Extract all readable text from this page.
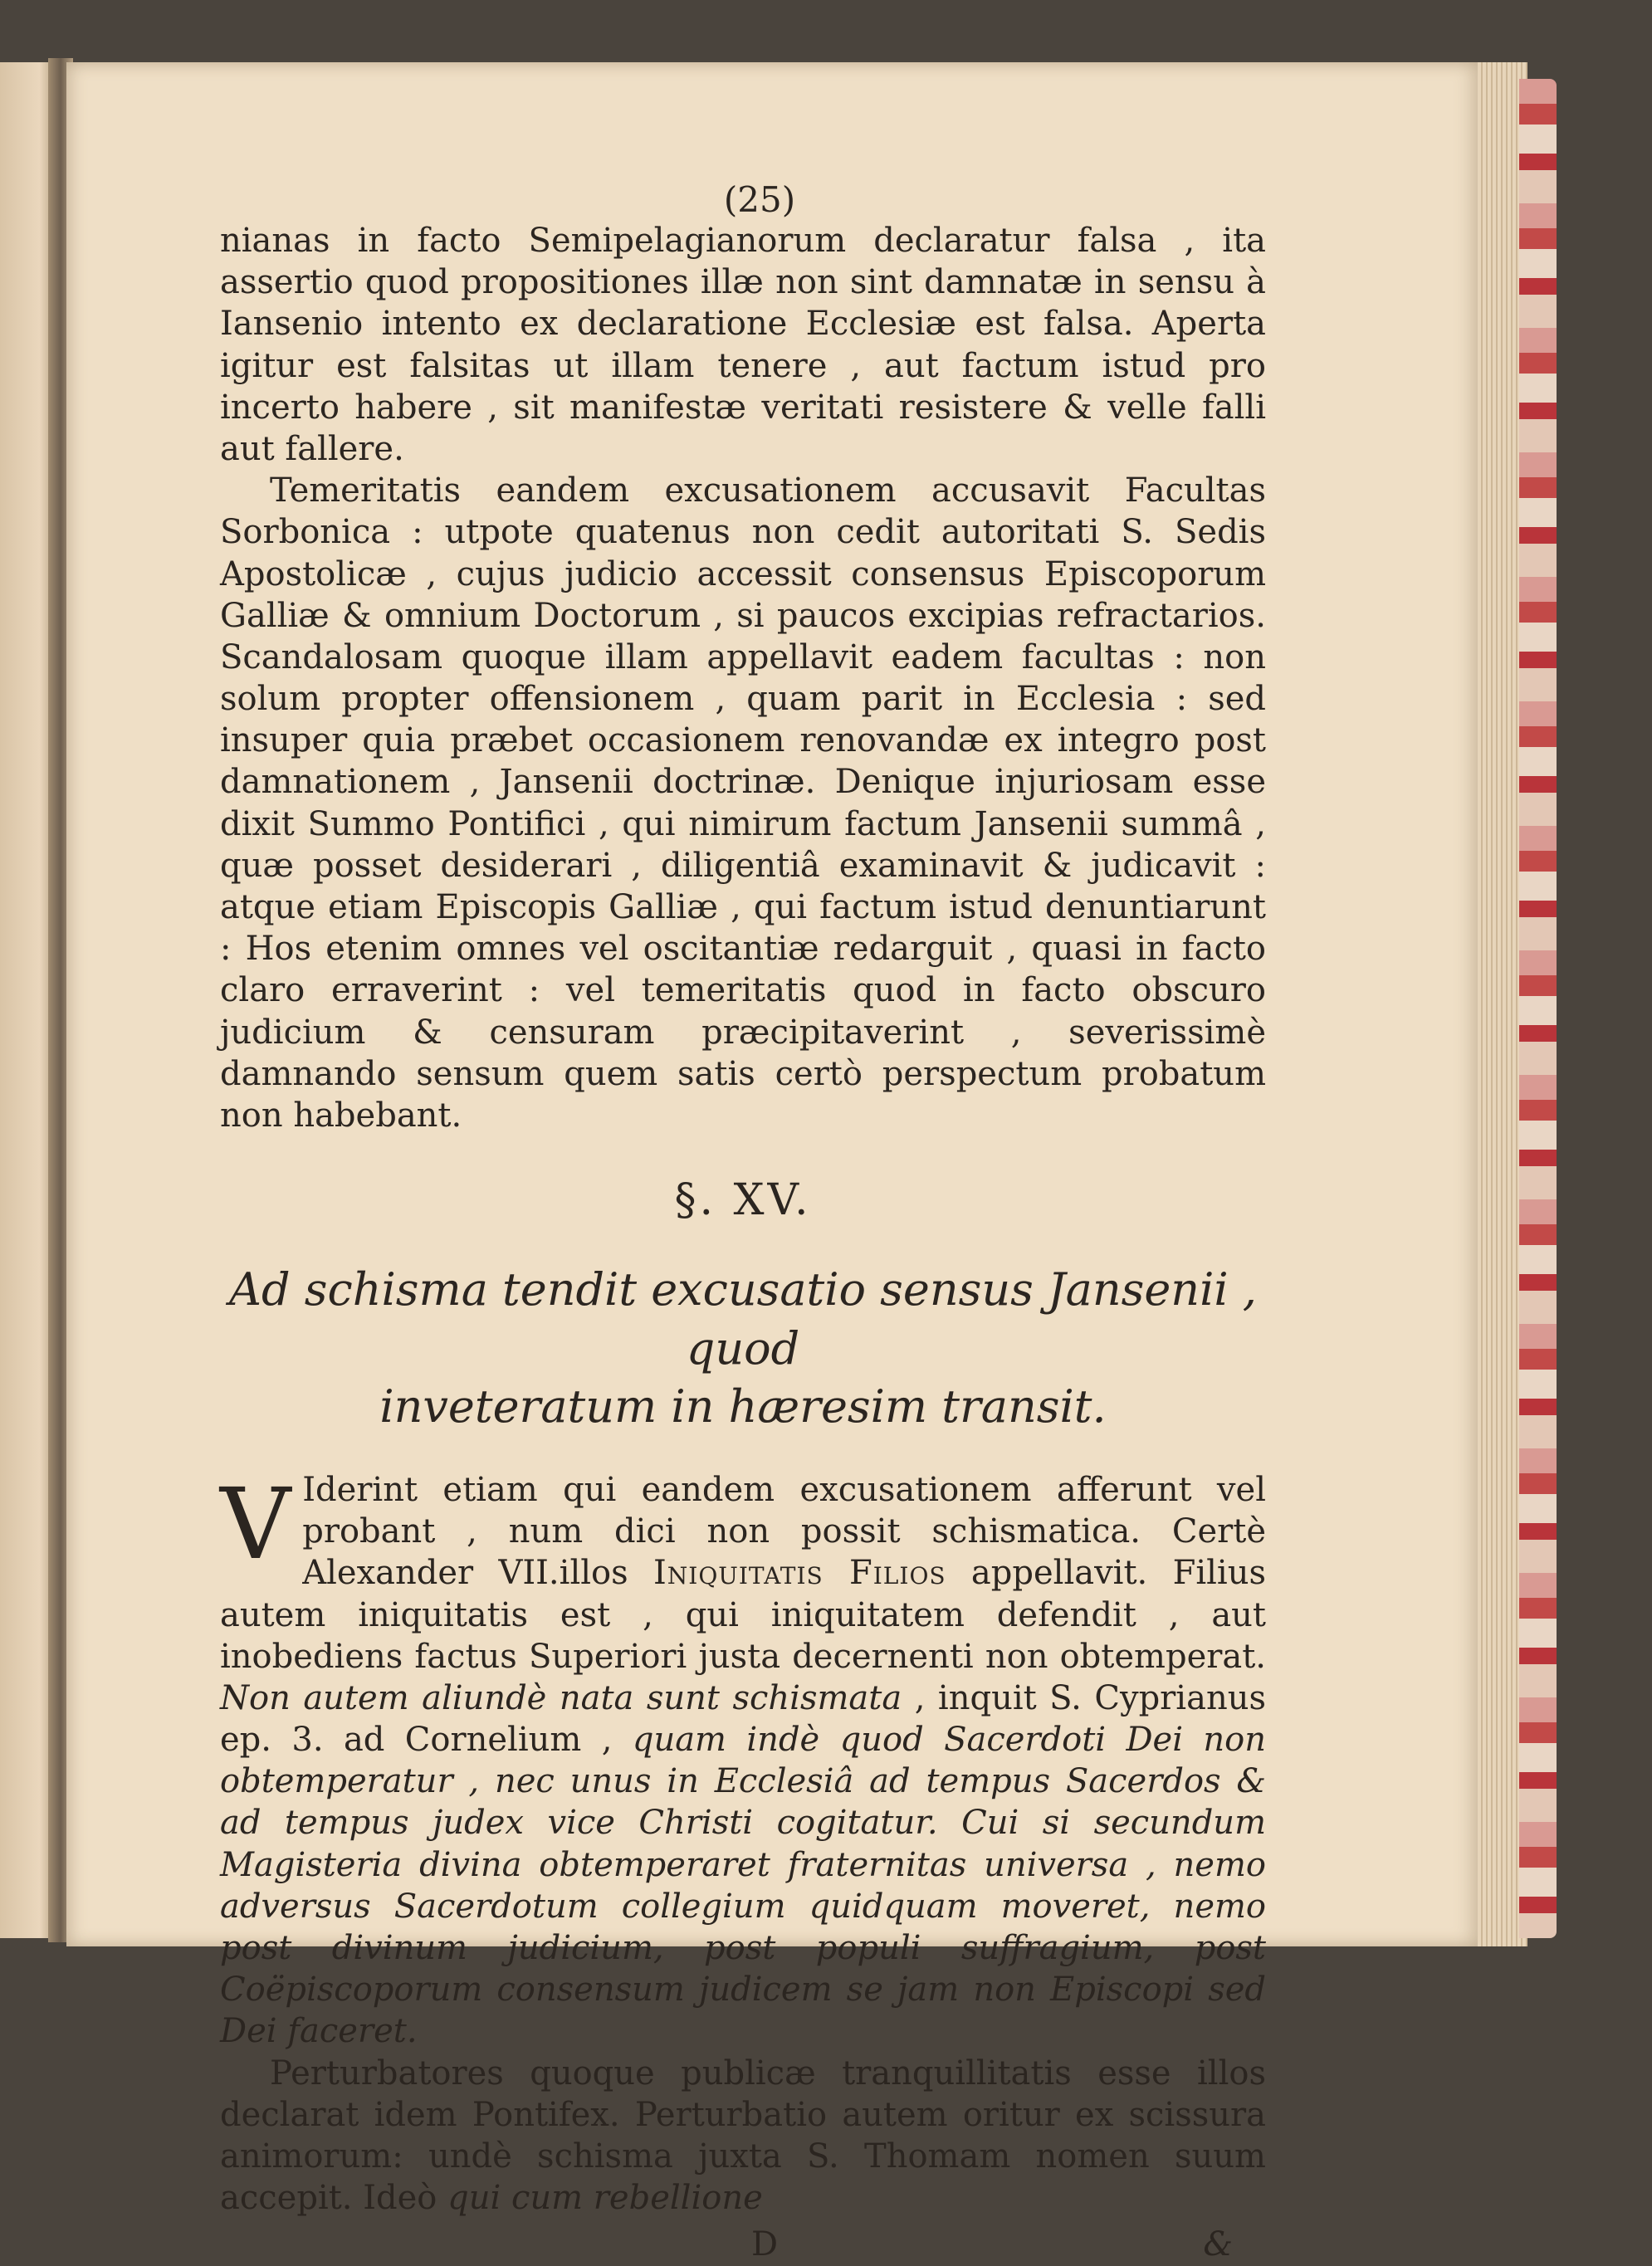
(25)

nianas in facto Semipelagianorum declaratur falsa , ita assertio quod propositiones illæ non sint damnatæ in sensu à Iansenio intento ex declaratione Ecclesiæ est falsa. Aperta igitur est falsitas ut illam tenere , aut factum istud pro incerto habere , sit manifestæ veritati resistere & velle falli aut fallere.

Temeritatis eandem excusationem accusavit Facultas Sorbonica : utpote quatenus non cedit autoritati S. Sedis Apostolicæ , cujus judicio accessit consensus Episcoporum Galliæ & omnium Doctorum , si paucos excipias refractarios. Scandalosam quoque illam appellavit eadem facultas : non solum propter offensionem , quam parit in Ecclesia : sed insuper quia præbet occasionem renovandæ ex integro post damnationem , Jansenii doctrinæ. Denique injuriosam esse dixit Summo Pontifici , qui nimirum factum Jansenii summâ , quæ posset desiderari , diligentiâ examinavit & judicavit : atque etiam Episcopis Galliæ , qui factum istud denuntiarunt : Hos etenim omnes vel oscitantiæ redarguit , quasi in facto claro erraverint : vel temeritatis quod in facto obscuro judicium & censuram præcipitaverint , severissimè damnando sensum quem satis certò perspectum probatum non habebant.

§. XV.
Ad schisma tendit excusatio sensus Jansenii , quod
inveteratum in hæresim transit.

V Iderint etiam qui eandem excusationem afferunt vel probant , num dici non possit schismatica. Certè Alexander VII.illos Iniquitatis Filios appellavit. Filius autem iniquitatis est , qui iniquitatem defendit , aut inobediens factus Superiori justa decernenti non obtemperat. Non autem aliundè nata sunt schismata , inquit S. Cyprianus ep. 3. ad Cornelium , quam indè quod Sacerdoti Dei non obtemperatur , nec unus in Ecclesiâ ad tempus Sacerdos & ad tempus judex vice Christi cogitatur. Cui si secundum Magisteria divina obtemperaret fraternitas universa , nemo adversus Sacerdotum collegium quidquam moveret, nemo post divinum judicium, post populi suffragium, post Coëpiscoporum consensum judicem se jam non Episcopi sed Dei faceret.

Perturbatores quoque publicæ tranquillitatis esse illos declarat idem Pontifex. Perturbatio autem oritur ex scissura animorum: undè schisma juxta S. Thomam nomen suum accepit. Ideò qui cum rebellione

D	&
